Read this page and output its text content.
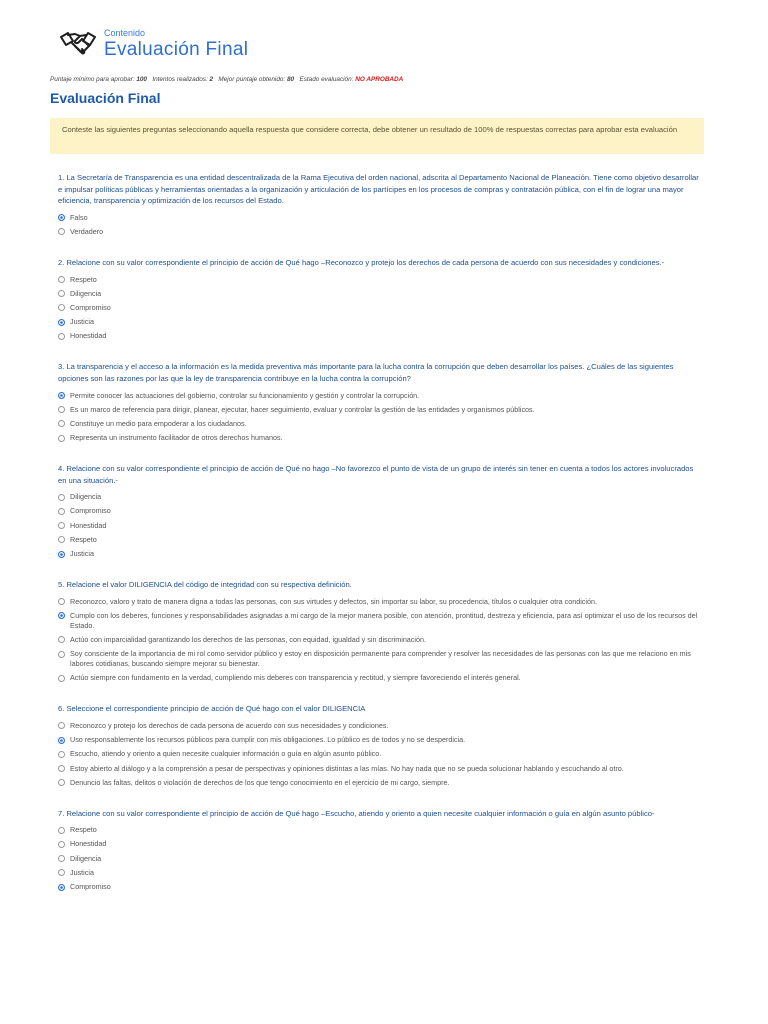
Contenido
Evaluación Final
Puntaje mínimo para aprobar: 100 Intentos realizados: 2 Mejor puntaje obtenido: 80 Estado evaluación: NO APROBADA
Evaluación Final
Conteste las siguientes preguntas seleccionando aquella respuesta que considere correcta, debe obtener un resultado de 100% de respuestas correctas para aprobar esta evaluación
1. La Secretaría de Transparencia es una entidad descentralizada de la Rama Ejecutiva del orden nacional, adscrita al Departamento Nacional de Planeación. Tiene como objetivo desarrollar e impulsar políticas públicas y herramientas orientadas a la organización y articulación de los partícipes en los procesos de compras y contratación pública, con el fin de lograr una mayor eficiencia, transparencia y optimización de los recursos del Estado.
Falso
Verdadero
2. Relacione con su valor correspondiente el principio de acción de Qué hago –Reconozco y protejo los derechos de cada persona de acuerdo con sus necesidades y condiciones.-
Respeto
Diligencia
Compromiso
Justicia
Honestidad
3. La transparencia y el acceso a la información es la medida preventiva más importante para la lucha contra la corrupción que deben desarrollar los países. ¿Cuáles de las siguientes opciones son las razones por las que la ley de transparencia contribuye en la lucha contra la corrupción?
Permite conocer las actuaciones del gobierno, controlar su funcionamiento y gestión y controlar la corrupción.
Es un marco de referencia para dirigir, planear, ejecutar, hacer seguimiento, evaluar y controlar la gestión de las entidades y organismos públicos.
Constituye un medio para empoderar a los ciudadanos.
Representa un instrumento facilitador de otros derechos humanos.
4. Relacione con su valor correspondiente el principio de acción de Qué no hago –No favorezco el punto de vista de un grupo de interés sin tener en cuenta a todos los actores involucrados en una situación.-
Diligencia
Compromiso
Honestidad
Respeto
Justicia
5. Relacione el valor DILIGENCIA del código de integridad con su respectiva definición.
Reconozco, valoro y trato de manera digna a todas las personas, con sus virtudes y defectos, sin importar su labor, su procedencia, títulos o cualquier otra condición.
Cumplo con los deberes, funciones y responsabilidades asignadas a mi cargo de la mejor manera posible, con atención, prontitud, destreza y eficiencia, para así optimizar el uso de los recursos del Estado.
Actúo con imparcialidad garantizando los derechos de las personas, con equidad, igualdad y sin discriminación.
Soy consciente de la importancia de mi rol como servidor público y estoy en disposición permanente para comprender y resolver las necesidades de las personas con las que me relaciono en mis labores cotidianas, buscando siempre mejorar su bienestar.
Actúo siempre con fundamento en la verdad, cumpliendo mis deberes con transparencia y rectitud, y siempre favoreciendo el interés general.
6. Seleccione el correspondiente principio de acción de Qué hago con el valor DILIGENCIA
Reconozco y protejo los derechos de cada persona de acuerdo con sus necesidades y condiciones.
Uso responsablemente los recursos públicos para cumplir con mis obligaciones. Lo público es de todos y no se desperdicia.
Escucho, atiendo y oriento a quien necesite cualquier información o guía en algún asunto público.
Estoy abierto al diálogo y a la comprensión a pesar de perspectivas y opiniones distintas a las mías. No hay nada que no se pueda solucionar hablando y escuchando al otro.
Denuncio las faltas, delitos o violación de derechos de los que tengo conocimiento en el ejercicio de mi cargo, siempre.
7. Relacione con su valor correspondiente el principio de acción de Qué hago –Escucho, atiendo y oriento a quien necesite cualquier información o guía en algún asunto público-
Respeto
Honestidad
Diligencia
Justicia
Compromiso
